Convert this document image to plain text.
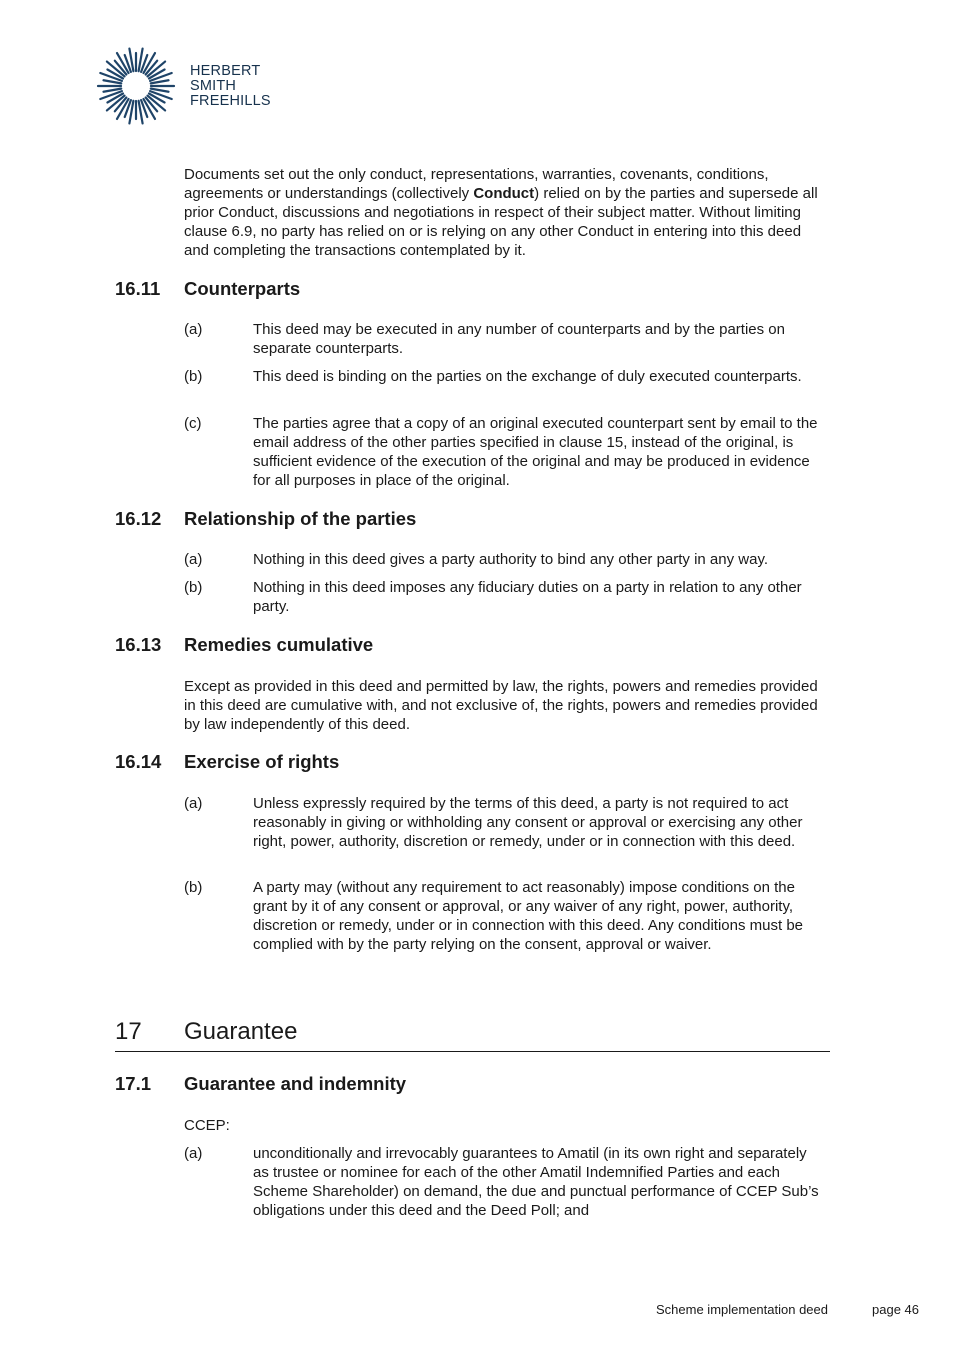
HERBERT
SMITH
FREEHILLS

Documents set out the only conduct, representations, warranties, covenants, conditions, agreements or understandings (collectively Conduct) relied on by the parties and supersede all prior Conduct, discussions and negotiations in respect of their subject matter. Without limiting clause 6.9, no party has relied on or is relying on any other Conduct in entering into this deed and completing the transactions contemplated by it.

16.11 Counterparts
(a)	This deed may be executed in any number of counterparts and by the parties on separate counterparts.

(b)	This deed is binding on the parties on the exchange of duly executed counterparts.

(c)	The parties agree that a copy of an original executed counterpart sent by email to the email address of the other parties specified in clause 15, instead of the original, is sufficient evidence of the execution of the original and may be produced in evidence for all purposes in place of the original.

16.12 Relationship of the parties
(a)	Nothing in this deed gives a party authority to bind any other party in any way.

(b)	Nothing in this deed imposes any fiduciary duties on a party in relation to any other party.

16.13 Remedies cumulative

Except as provided in this deed and permitted by law, the rights, powers and remedies provided in this deed are cumulative with, and not exclusive of, the rights, powers and remedies provided by law independently of this deed.

16.14 Exercise of rights
(a)	Unless expressly required by the terms of this deed, a party is not required to act reasonably in giving or withholding any consent or approval or exercising any other right, power, authority, discretion or remedy, under or in connection with this deed.

(b)	A party may (without any requirement to act reasonably) impose conditions on the grant by it of any consent or approval, or any waiver of any right, power, authority, discretion or remedy, under or in connection with this deed. Any conditions must be complied with by the party relying on the consent, approval or waiver.

17 Guarantee
17.1 Guarantee and indemnity

CCEP:

(a)	unconditionally and irrevocably guarantees to Amatil (in its own right and separately as trustee or nominee for each of the other Amatil Indemnified Parties and each Scheme Shareholder) on demand, the due and punctual performance of CCEP Sub’s obligations under this deed and the Deed Poll; and

Scheme implementation deed	page 46
